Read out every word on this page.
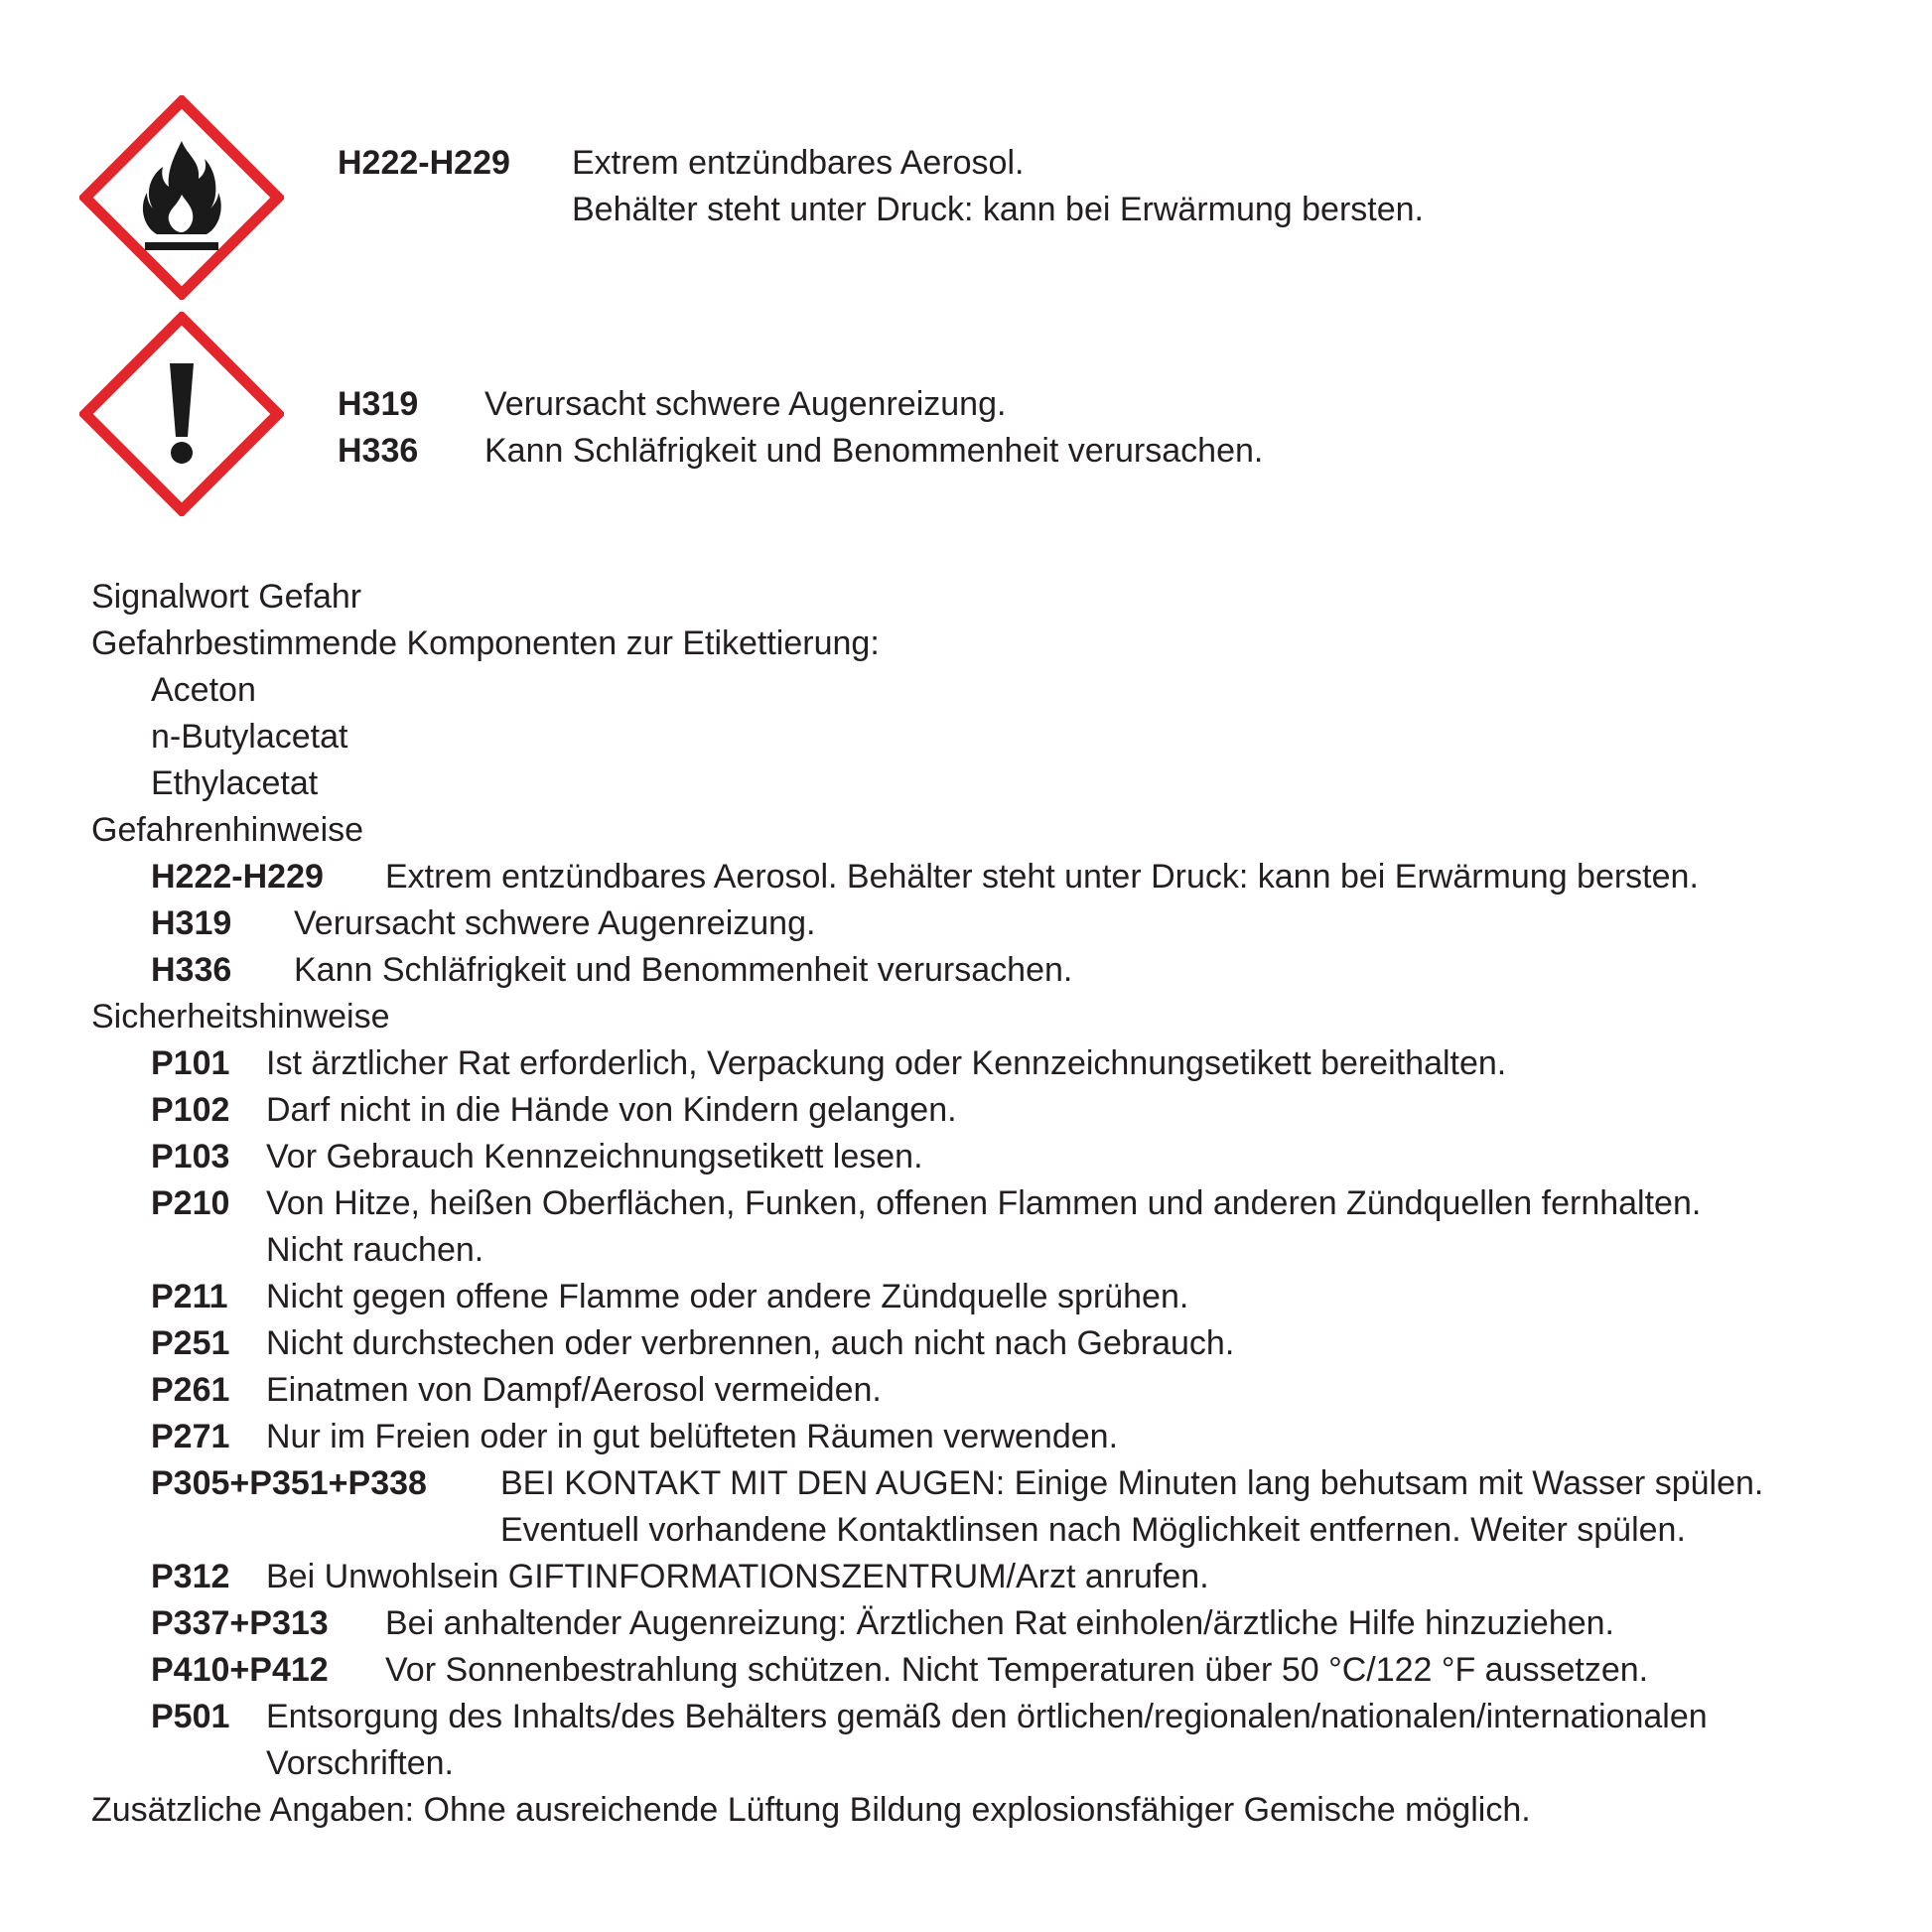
H222-H229 Extrem entzündbares Aerosol.
Behälter steht unter Druck: kann bei Erwärmung bersten.
H319 Verursacht schwere Augenreizung.
H336 Kann Schläfrigkeit und Benommenheit verursachen.
Signalwort Gefahr
Gefahrbestimmende Komponenten zur Etikettierung:
Aceton
n-Butylacetat
Ethylacetat
Gefahrenhinweise
H222-H229 Extrem entzündbares Aerosol. Behälter steht unter Druck: kann bei Erwärmung bersten.
H319 Verursacht schwere Augenreizung.
H336 Kann Schläfrigkeit und Benommenheit verursachen.
Sicherheitshinweise
P101 Ist ärztlicher Rat erforderlich, Verpackung oder Kennzeichnungsetikett bereithalten.
P102 Darf nicht in die Hände von Kindern gelangen.
P103 Vor Gebrauch Kennzeichnungsetikett lesen.
P210 Von Hitze, heißen Oberflächen, Funken, offenen Flammen und anderen Zündquellen fernhalten.
Nicht rauchen.
P211 Nicht gegen offene Flamme oder andere Zündquelle sprühen.
P251 Nicht durchstechen oder verbrennen, auch nicht nach Gebrauch.
P261 Einatmen von Dampf/Aerosol vermeiden.
P271 Nur im Freien oder in gut belüfteten Räumen verwenden.
P305+P351+P338 BEI KONTAKT MIT DEN AUGEN: Einige Minuten lang behutsam mit Wasser spülen.
Eventuell vorhandene Kontaktlinsen nach Möglichkeit entfernen. Weiter spülen.
P312 Bei Unwohlsein GIFTINFORMATIONSZENTRUM/Arzt anrufen.
P337+P313 Bei anhaltender Augenreizung: Ärztlichen Rat einholen/ärztliche Hilfe hinzuziehen.
P410+P412 Vor Sonnenbestrahlung schützen. Nicht Temperaturen über 50 °C/122 °F aussetzen.
P501 Entsorgung des Inhalts/des Behälters gemäß den örtlichen/regionalen/nationalen/internationalen
Vorschriften.
Zusätzliche Angaben: Ohne ausreichende Lüftung Bildung explosionsfähiger Gemische möglich.
